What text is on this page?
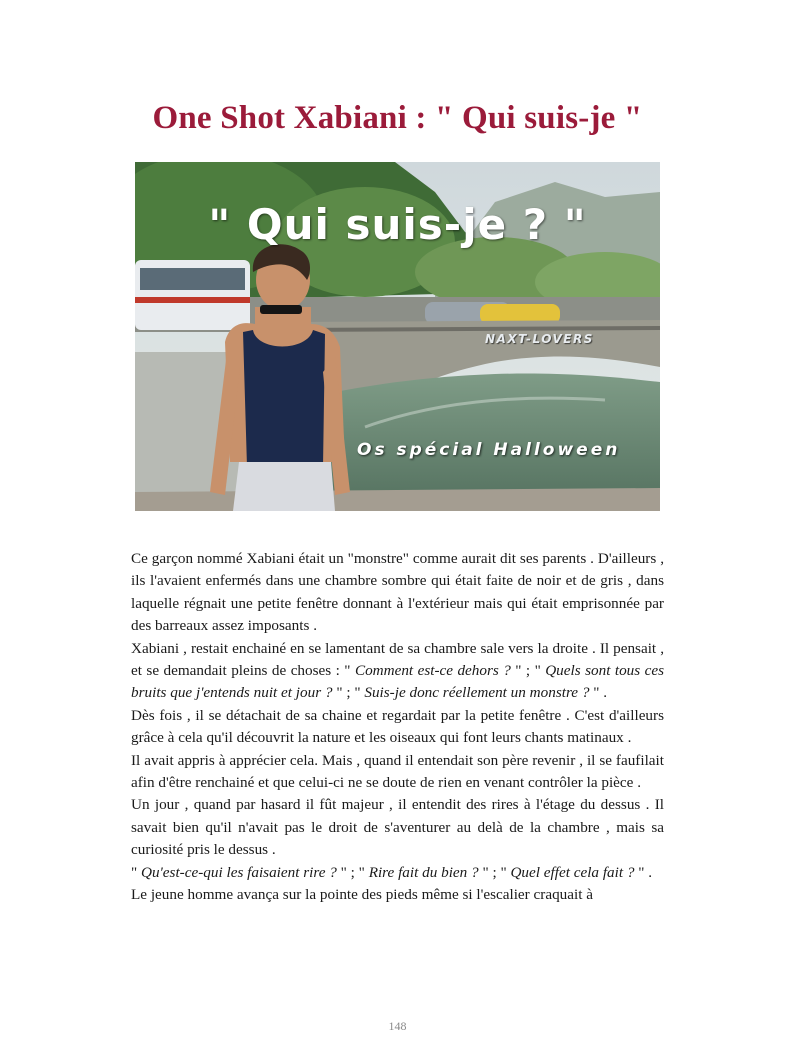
One Shot Xabiani : " Qui suis-je "
" Qui suis-je ? "
NAXT-LOVERS
Os spécial Halloween

Ce garçon nommé Xabiani était un "monstre" comme aurait dit ses parents . D'ailleurs , ils l'avaient enfermés dans une chambre sombre qui était faite de noir et de gris , dans laquelle régnait une petite fenêtre donnant à l'extérieur mais qui était emprisonnée par des barreaux assez imposants .

Xabiani , restait enchainé en se lamentant de sa chambre sale vers la droite . Il pensait , et se demandait pleins de choses : " Comment est-ce dehors ? " ; " Quels sont tous ces bruits que j'entends nuit et jour ? " ; " Suis-je donc réellement un monstre ? " .

Dès fois , il se détachait de sa chaine et regardait par la petite fenêtre . C'est d'ailleurs grâce à cela qu'il découvrit la nature et les oiseaux qui font leurs chants matinaux .

Il avait appris à apprécier cela. Mais , quand il entendait son père revenir , il se faufilait afin d'être renchainé et que celui-ci ne se doute de rien en venant contrôler la pièce .

Un jour , quand par hasard il fût majeur , il entendit des rires à l'étage du dessus . Il savait bien qu'il n'avait pas le droit de s'aventurer au delà de la chambre , mais sa curiosité pris le dessus .

" Qu'est-ce-qui les faisaient rire ? " ; " Rire fait du bien ? " ; " Quel effet cela fait ? " .

Le jeune homme avança sur la pointe des pieds même si l'escalier craquait à

148
